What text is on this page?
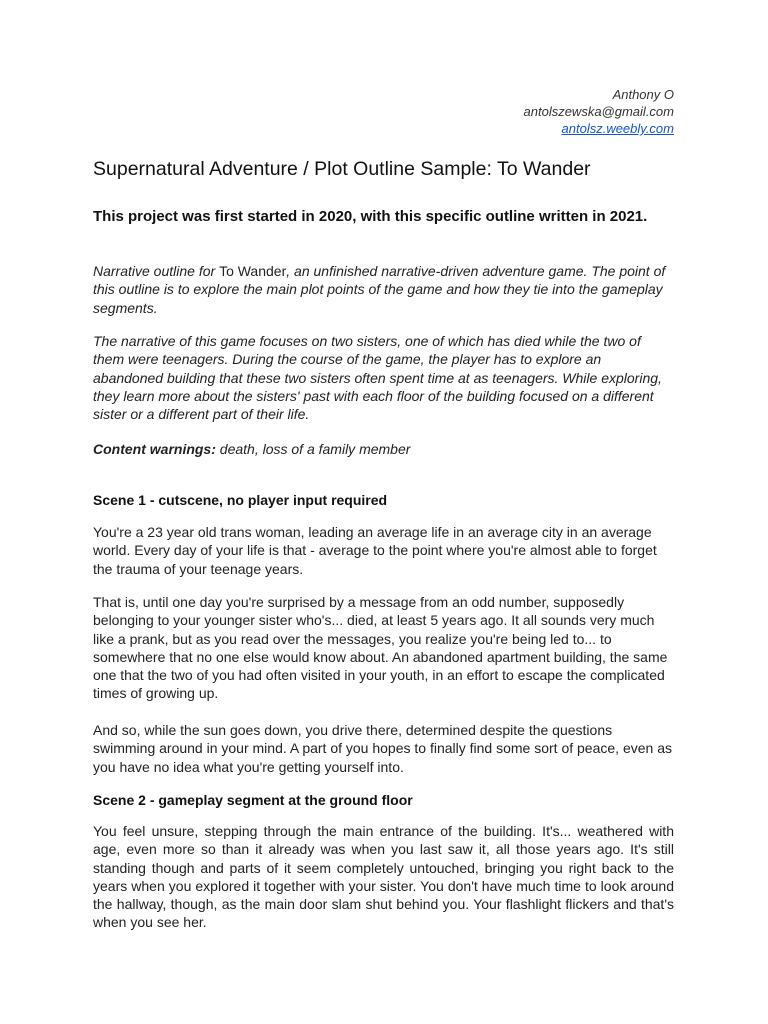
Anthony O
antolszewska@gmail.com
antolsz.weebly.com
Supernatural Adventure / Plot Outline Sample: To Wander
This project was first started in 2020, with this specific outline written in 2021.
Narrative outline for To Wander, an unfinished narrative-driven adventure game. The point of this outline is to explore the main plot points of the game and how they tie into the gameplay segments.
The narrative of this game focuses on two sisters, one of which has died while the two of them were teenagers. During the course of the game, the player has to explore an abandoned building that these two sisters often spent time at as teenagers. While exploring, they learn more about the sisters' past with each floor of the building focused on a different sister or a different part of their life.
Content warnings: death, loss of a family member
Scene 1 - cutscene, no player input required
You're a 23 year old trans woman, leading an average life in an average city in an average world. Every day of your life is that - average to the point where you're almost able to forget the trauma of your teenage years.
That is, until one day you're surprised by a message from an odd number, supposedly belonging to your younger sister who's... died, at least 5 years ago. It all sounds very much like a prank, but as you read over the messages, you realize you're being led to... to somewhere that no one else would know about. An abandoned apartment building, the same one that the two of you had often visited in your youth, in an effort to escape the complicated times of growing up.
And so, while the sun goes down, you drive there, determined despite the questions swimming around in your mind. A part of you hopes to finally find some sort of peace, even as you have no idea what you're getting yourself into.
Scene 2 - gameplay segment at the ground floor
You feel unsure, stepping through the main entrance of the building. It's... weathered with age, even more so than it already was when you last saw it, all those years ago. It's still standing though and parts of it seem completely untouched, bringing you right back to the years when you explored it together with your sister. You don't have much time to look around the hallway, though, as the main door slam shut behind you. Your flashlight flickers and that's when you see her.
